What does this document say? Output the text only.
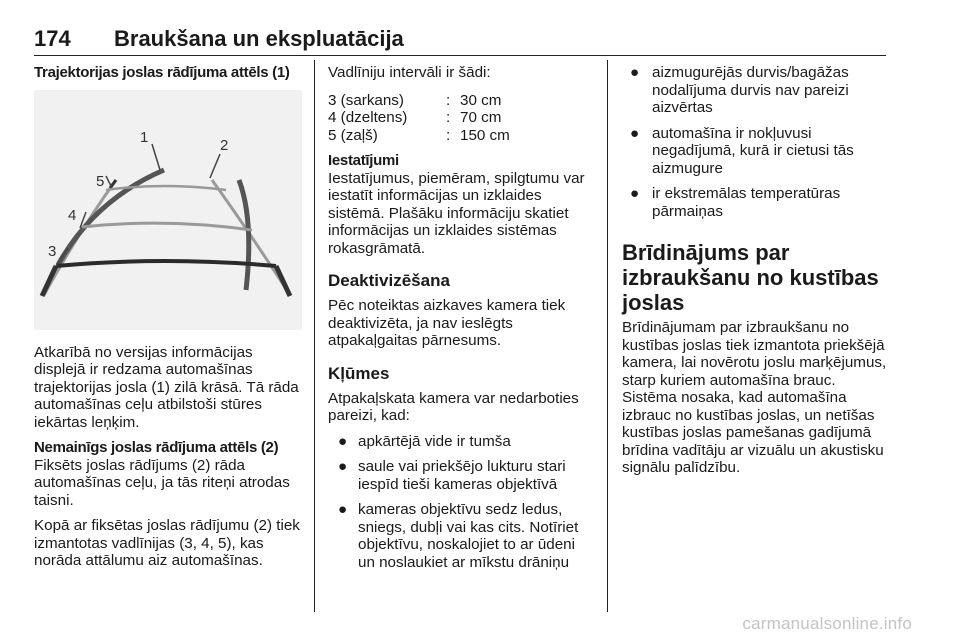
174 Braukšana un ekspluatācija
Trajektorijas joslas rādījuma attēls (1)
1	2
3
4
5

Atkarībā no versijas informācijas displejā ir redzama automašīnas trajektorijas josla (1) zilā krāsā. Tā rāda automašīnas ceļu atbilstoši stūres iekārtas leņķim.

Nemainīgs joslas rādījuma attēls (2)

Fiksēts joslas rādījums (2) rāda automašīnas ceļu, ja tās riteņi atrodas taisni.

Kopā ar fiksētas joslas rādījumu (2) tiek izmantotas vadlīnijas (3, 4, 5), kas norāda attālumu aiz automašīnas.

Vadlīniju intervāli ir šādi:
3 (sarkans)	:	30 cm
4 (dzeltens)	:	70 cm
5 (zaļš)	:	150 cm
Iestatījumi

Iestatījumus, piemēram, spilgtumu var iestatīt informācijas un izklaides sistēmā. Plašāku informāciju skatiet informācijas un izklaides sistēmas rokasgrāmatā.

Deaktivizēšana

Pēc noteiktas aizkaves kamera tiek deaktivizēta, ja nav ieslēgts atpakaļgaitas pārnesums.

Kļūmes

Atpakaļskata kamera var nedarboties pareizi, kad:

● apkārtējā vide ir tumša
● saule vai priekšējo lukturu stari iespīd tieši kameras objektīvā
● kameras objektīvu sedz ledus, sniegs, dubļi vai kas cits. Notīriet objektīvu, noskalojiet to ar ūdeni un noslaukiet ar mīkstu drāniņu
● aizmugurējās durvis/bagāžas nodalījuma durvis nav pareizi aizvērtas
● automašīna ir nokļuvusi negadījumā, kurā ir cietusi tās aizmugure
● ir ekstremālas temperatūras pārmaiņas
Brīdinājums par izbraukšanu no kustības joslas

Brīdinājumam par izbraukšanu no kustības joslas tiek izmantota priekšējā kamera, lai novērotu joslu marķējumus, starp kuriem automašīna brauc. Sistēma nosaka, kad automašīna izbrauc no kustības joslas, un netīšas kustības joslas pamešanas gadījumā brīdina vadītāju ar vizuālu un akustisku signālu palīdzību.

carmanualsonline.info
